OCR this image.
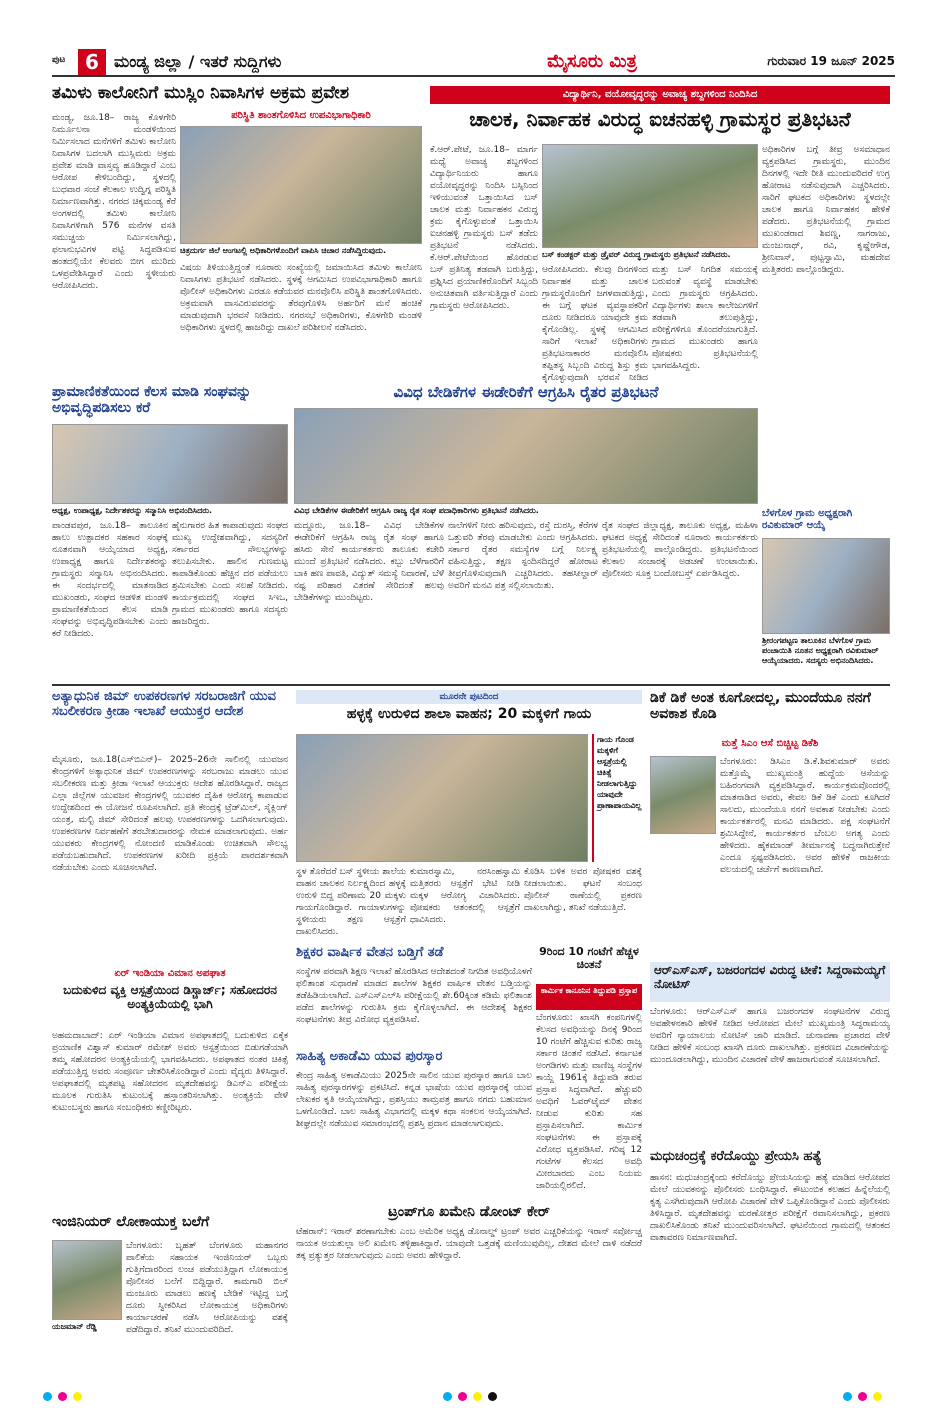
ಪುಟ 6 ಮಂಡ್ಯ ಜಿಲ್ಲಾ / ಇತರೆ ಸುದ್ದಿಗಳು	ಮೈಸೂರು ಮಿತ್ರ	ಗುರುವಾರ 19 ಜೂನ್ 2025
ತಮಿಳು ಕಾಲೋನಿಗೆ ಮುಸ್ಲಿಂ ನಿವಾಸಿಗಳ ಅಕ್ರಮ ಪ್ರವೇಶ
ಪರಿಸ್ಥಿತಿ ಶಾಂತಗೊಳಿಸಿದ ಉಪವಿಭಾಗಾಧಿಕಾರಿ
ಮಂಡ್ಯ, ಜೂ.18– ರಾಜ್ಯ ಕೊಳಗೇರಿ ನಿರ್ಮೂಲನಾ ಮಂಡಳಿಯಿಂದ ನಿರ್ಮಿಸಲಾದ ಮನೆಗಳಿಗೆ ತಮಿಳು ಕಾಲೋನಿ ನಿವಾಸಿಗಳ ಬದಲಾಗಿ ಮುಸ್ಲಿಮರು ಅಕ್ರಮ ಪ್ರವೇಶ ಮಾಡಿ ವಾಸ್ತವ್ಯ ಹೂಡಿದ್ದಾರೆ ಎಂಬ ಆರೋಪ ಕೇಳಿಬಂದಿದ್ದು, ಸ್ಥಳದಲ್ಲಿ ಬುಧವಾರ ಸಂಜೆ ಕೆಲಕಾಲ ಉದ್ವಿಗ್ನ ಪರಿಸ್ಥಿತಿ ನಿರ್ಮಾಣವಾಗಿತ್ತು. ನಗರದ ಚಿಕ್ಕಮಂಡ್ಯ ಕೆರೆ ಅಂಗಳದಲ್ಲಿ ತಮಿಳು ಕಾಲೋನಿ ನಿವಾಸಿಗಳಿಗಾಗಿ 576 ಮನೆಗಳ ವಸತಿ ಸಮುಚ್ಚಯ ನಿರ್ಮಿಸಲಾಗಿದ್ದು, ಫಲಾನುಭವಿಗಳ ಪಟ್ಟಿ ಸಿದ್ಧಪಡಿಸುವ ಹಂತದಲ್ಲಿಯೇ ಕೆಲವರು ಬೀಗ ಮುರಿದು ಒಳಪ್ರವೇಶಿಸಿದ್ದಾರೆ ಎಂದು ಸ್ಥಳೀಯರು ಆರೋಪಿಸಿದರು.
ಚಿತ್ರದುರ್ಗ ಜಿಲೆ ಆಂಗಟಲ್ಲಿ ಅಧಿಕಾರಿಗಳೊಂದಿಗೆ ವಾಪಿಸಿ ಚಿಚಾರ ನಡೆಸಿದ್ದಿರುವುದು.
ವಿಷಯ ತಿಳಿಯುತ್ತಿದ್ದಂತೆ ನೂರಾರು ಸಂಖ್ಯೆಯಲ್ಲಿ ಜಮಾಯಿಸಿದ ತಮಿಳು ಕಾಲೋನಿ ನಿವಾಸಿಗಳು ಪ್ರತಿಭಟನೆ ನಡೆಸಿದರು. ಸ್ಥಳಕ್ಕೆ ಆಗಮಿಸಿದ ಉಪವಿಭಾಗಾಧಿಕಾರಿ ಹಾಗೂ ಪೊಲೀಸ್ ಅಧಿಕಾರಿಗಳು ಎರಡೂ ಕಡೆಯವರ ಮನವೊಲಿಸಿ ಪರಿಸ್ಥಿತಿ ಶಾಂತಗೊಳಿಸಿದರು. ಅಕ್ರಮವಾಗಿ ವಾಸವಿರುವವರನ್ನು ತೆರವುಗೊಳಿಸಿ ಅರ್ಹರಿಗೆ ಮನೆ ಹಂಚಿಕೆ ಮಾಡುವುದಾಗಿ ಭರವಸೆ ನೀಡಿದರು. ನಗರಸಭೆ ಅಧಿಕಾರಿಗಳು, ಕೊಳಗೇರಿ ಮಂಡಳಿ ಅಧಿಕಾರಿಗಳು ಸ್ಥಳದಲ್ಲಿ ಹಾಜರಿದ್ದು ದಾಖಲೆ ಪರಿಶೀಲನೆ ನಡೆಸಿದರು.
ವಿದ್ಯಾರ್ಥಿನಿ, ವಯೋವೃದ್ಧರನ್ನು ಅವಾಚ್ಯ ಶಬ್ದಗಳಿಂದ ನಿಂದಿಸಿದ
ಚಾಲಕ, ನಿರ್ವಾಹಕ ವಿರುದ್ಧ ಐಚನಹಳ್ಳಿ ಗ್ರಾಮಸ್ಥರ ಪ್ರತಿಭಟನೆ
ಕೆ.ಆರ್.ಪೇಟೆ, ಜೂ.18– ಮಾರ್ಗ ಮಧ್ಯೆ ಅವಾಚ್ಯ ಶಬ್ದಗಳಿಂದ ವಿದ್ಯಾರ್ಥಿನಿಯರು ಹಾಗೂ ವಯೋವೃದ್ಧರನ್ನು ನಿಂದಿಸಿ ಬಸ್ಸಿನಿಂದ ಇಳಿಯುವಂತೆ ಒತ್ತಾಯಿಸಿದ ಬಸ್ ಚಾಲಕ ಮತ್ತು ನಿರ್ವಾಹಕನ ವಿರುದ್ಧ ಕ್ರಮ ಕೈಗೊಳ್ಳುವಂತೆ ಒತ್ತಾಯಿಸಿ ಐಚನಹಳ್ಳಿ ಗ್ರಾಮಸ್ಥರು ಬಸ್ ತಡೆದು ಪ್ರತಿಭಟನೆ ನಡೆಸಿದರು. ಕೆ.ಆರ್.ಪೇಟೆಯಿಂದ ಹೊರಡುವ ಬಸ್ ಪ್ರತಿನಿತ್ಯ ತಡವಾಗಿ ಬರುತ್ತಿದ್ದು, ಪ್ರಶ್ನಿಸಿದ ಪ್ರಯಾಣಿಕರೊಂದಿಗೆ ಸಿಬ್ಬಂದಿ ಅನುಚಿತವಾಗಿ ವರ್ತಿಸುತ್ತಿದ್ದಾರೆ ಎಂದು ಗ್ರಾಮಸ್ಥರು ಆರೋಪಿಸಿದರು.
ಬಸ್ ಕಂಡಕ್ಟರ್ ಮತ್ತು ಡ್ರೈವರ್ ವಿರುದ್ಧ ಗ್ರಾಮಸ್ಥರು ಪ್ರತಿಭಟನೆ ನಡೆಸಿದರು.
ಆರೋಪಿಸಿದರು. ಕೆಲವು ದಿನಗಳಿಂದ ನಿರ್ವಾಹಕ ಮತ್ತು ಚಾಲಕ ಗ್ರಾಮಸ್ಥರೊಂದಿಗೆ ಜಗಳವಾಡುತ್ತಿದ್ದು, ಈ ಬಗ್ಗೆ ಘಟಕ ವ್ಯವಸ್ಥಾಪಕರಿಗೆ ದೂರು ನೀಡಿದರೂ ಯಾವುದೇ ಕ್ರಮ ಕೈಗೊಂಡಿಲ್ಲ. ಸ್ಥಳಕ್ಕೆ ಆಗಮಿಸಿದ ಸಾರಿಗೆ ಇಲಾಖೆ ಅಧಿಕಾರಿಗಳು ಪ್ರತಿಭಟನಾಕಾರರ ಮನವೊಲಿಸಿ ತಪ್ಪಿತಸ್ಥ ಸಿಬ್ಬಂದಿ ವಿರುದ್ಧ ಶಿಸ್ತು ಕ್ರಮ ಕೈಗೊಳ್ಳುವುದಾಗಿ ಭರವಸೆ ನೀಡಿದ
ಮತ್ತು ಬಸ್ ನಿಗದಿತ ಸಮಯಕ್ಕೆ ಬರುವಂತೆ ವ್ಯವಸ್ಥೆ ಮಾಡಬೇಕು ಎಂದು ಗ್ರಾಮಸ್ಥರು ಆಗ್ರಹಿಸಿದರು. ವಿದ್ಯಾರ್ಥಿಗಳು ಶಾಲಾ ಕಾಲೇಜುಗಳಿಗೆ ತಡವಾಗಿ ತಲುಪುತ್ತಿದ್ದು, ಪರೀಕ್ಷೆಗಳಿಗೂ ತೊಂದರೆಯಾಗುತ್ತಿದೆ. ಗ್ರಾಮದ ಮುಖಂಡರು ಹಾಗೂ ಪೋಷಕರು ಪ್ರತಿಭಟನೆಯಲ್ಲಿ ಭಾಗವಹಿಸಿದ್ದರು.
ಅಧಿಕಾರಿಗಳ ಬಗ್ಗೆ ತೀವ್ರ ಅಸಮಾಧಾನ ವ್ಯಕ್ತಪಡಿಸಿದ ಗ್ರಾಮಸ್ಥರು, ಮುಂದಿನ ದಿನಗಳಲ್ಲಿ ಇದೇ ರೀತಿ ಮುಂದುವರಿದರೆ ಉಗ್ರ ಹೋರಾಟ ನಡೆಸುವುದಾಗಿ ಎಚ್ಚರಿಸಿದರು. ಸಾರಿಗೆ ಘಟಕದ ಅಧಿಕಾರಿಗಳು ಸ್ಥಳದಲ್ಲೇ ಚಾಲಕ ಹಾಗೂ ನಿರ್ವಾಹಕನ ಹೇಳಿಕೆ ಪಡೆದರು. ಪ್ರತಿಭಟನೆಯಲ್ಲಿ ಗ್ರಾಮದ ಮುಖಂಡರಾದ ಶಿವಣ್ಣ, ನಾಗರಾಜು, ಮಂಜುನಾಥ್, ರವಿ, ಕೃಷ್ಣೇಗೌಡ, ಶ್ರೀನಿವಾಸ್, ಪುಟ್ಟಸ್ವಾಮಿ, ಮಹದೇವ ಮತ್ತಿತರರು ಪಾಲ್ಗೊಂಡಿದ್ದರು.
ಪ್ರಾಮಾಣಿಕತೆಯಿಂದ ಕೆಲಸ ಮಾಡಿ ಸಂಘವನ್ನು ಅಭಿವೃದ್ಧಿಪಡಿಸಲು ಕರೆ
ಅಧ್ಯಕ್ಷ, ಉಪಾಧ್ಯಕ್ಷ, ನಿರ್ದೇಶಕರನ್ನು ಸನ್ಮಾನಿಸಿ ಅಭಿನಂದಿಸಿದರು.
ಪಾಂಡವಪುರ, ಜೂ.18– ತಾಲೂಕಿನ ಹಾಲು ಉತ್ಪಾದಕರ ಸಹಕಾರ ಸಂಘಕ್ಕೆ ನೂತನವಾಗಿ ಆಯ್ಕೆಯಾದ ಅಧ್ಯಕ್ಷ, ಉಪಾಧ್ಯಕ್ಷ ಹಾಗೂ ನಿರ್ದೇಶಕರನ್ನು ಗ್ರಾಮಸ್ಥರು ಸನ್ಮಾನಿಸಿ ಅಭಿನಂದಿಸಿದರು. ಈ ಸಂದರ್ಭದಲ್ಲಿ ಮಾತನಾಡಿದ ಮುಖಂಡರು, ಸಂಘದ ಆಡಳಿತ ಮಂಡಳಿ ಪ್ರಾಮಾಣಿಕತೆಯಿಂದ ಕೆಲಸ ಮಾಡಿ ಸಂಘವನ್ನು ಅಭಿವೃದ್ಧಿಪಡಿಸಬೇಕು ಎಂದು ಕರೆ ನೀಡಿದರು.
ಹೈನುಗಾರರ ಹಿತ ಕಾಪಾಡುವುದು ಸಂಘದ ಮುಖ್ಯ ಉದ್ದೇಶವಾಗಿದ್ದು, ಸದಸ್ಯರಿಗೆ ಸರ್ಕಾರದ ಸೌಲಭ್ಯಗಳನ್ನು ತಲುಪಿಸಬೇಕು. ಹಾಲಿನ ಗುಣಮಟ್ಟ ಕಾಪಾಡಿಕೊಂಡು ಹೆಚ್ಚಿನ ದರ ಪಡೆಯಲು ಶ್ರಮಿಸಬೇಕು ಎಂದು ಸಲಹೆ ನೀಡಿದರು. ಕಾರ್ಯಕ್ರಮದಲ್ಲಿ ಸಂಘದ ಸಿಇಒ, ಗ್ರಾಮದ ಮುಖಂಡರು ಹಾಗೂ ಸದಸ್ಯರು ಹಾಜರಿದ್ದರು.
ವಿವಿಧ ಬೇಡಿಕೆಗಳ ಈಡೇರಿಕೆಗೆ ಆಗ್ರಹಿಸಿ ರೈತರ ಪ್ರತಿಭಟನೆ
ವಿವಿಧ ಬೇಡಿಕೆಗಳ ಈಡೇರಿಕೆಗೆ ಆಗ್ರಹಿಸಿ ರಾಜ್ಯ ರೈತ ಸಂಘ ಪದಾಧಿಕಾರಿಗಳು ಪ್ರತಿಭಟನೆ ನಡೆಸಿದರು.
ಮದ್ದೂರು, ಜೂ.18– ವಿವಿಧ ಬೇಡಿಕೆಗಳ ಈಡೇರಿಕೆಗೆ ಆಗ್ರಹಿಸಿ ರಾಜ್ಯ ರೈತ ಸಂಘ ಹಾಗೂ ಹಸಿರು ಸೇನೆ ಕಾರ್ಯಕರ್ತರು ತಾಲೂಕು ಕಚೇರಿ ಮುಂದೆ ಪ್ರತಿಭಟನೆ ನಡೆಸಿದರು. ಕಬ್ಬು ಬೆಳೆಗಾರರಿಗೆ ಬಾಕಿ ಹಣ ಪಾವತಿ, ವಿದ್ಯುತ್ ಸಮಸ್ಯೆ ನಿವಾರಣೆ, ಬೆಳೆ ನಷ್ಟ ಪರಿಹಾರ ವಿತರಣೆ ಸೇರಿದಂತೆ ಹಲವು ಬೇಡಿಕೆಗಳನ್ನು ಮುಂದಿಟ್ಟರು.
ನಾಲೆಗಳಿಗೆ ನೀರು ಹರಿಸುವುದು, ರಸ್ತೆ ದುರಸ್ತಿ, ಕೆರೆಗಳ ಒತ್ತುವರಿ ತೆರವು ಮಾಡಬೇಕು ಎಂದು ಆಗ್ರಹಿಸಿದರು. ಸರ್ಕಾರ ರೈತರ ಸಮಸ್ಯೆಗಳ ಬಗ್ಗೆ ನಿರ್ಲಕ್ಷ್ಯ ವಹಿಸುತ್ತಿದ್ದು, ತಕ್ಷಣ ಸ್ಪಂದಿಸದಿದ್ದರೆ ಹೋರಾಟ ತೀವ್ರಗೊಳಿಸುವುದಾಗಿ ಎಚ್ಚರಿಸಿದರು. ತಹಸೀಲ್ದಾರ್ ಅವರಿಗೆ ಮನವಿ ಪತ್ರ ಸಲ್ಲಿಸಲಾಯಿತು.
ರೈತ ಸಂಘದ ಜಿಲ್ಲಾಧ್ಯಕ್ಷ, ತಾಲೂಕು ಅಧ್ಯಕ್ಷ, ಮಹಿಳಾ ಘಟಕದ ಅಧ್ಯಕ್ಷೆ ಸೇರಿದಂತೆ ನೂರಾರು ಕಾರ್ಯಕರ್ತರು ಪ್ರತಿಭಟನೆಯಲ್ಲಿ ಪಾಲ್ಗೊಂಡಿದ್ದರು. ಪ್ರತಿಭಟನೆಯಿಂದ ಕೆಲಕಾಲ ಸಂಚಾರಕ್ಕೆ ಅಡಚಣೆ ಉಂಟಾಯಿತು. ಪೊಲೀಸರು ಸೂಕ್ತ ಬಂದೋಬಸ್ತ್ ಏರ್ಪಡಿಸಿದ್ದರು.
ಬೆಳಗೊಳ ಗ್ರಾಮ ಅಧ್ಯಕ್ಷರಾಗಿ ರವಿಕುಮಾರ್ ಆಯ್ಕೆ
ಶ್ರೀರಂಗಪಟ್ಟಣ ತಾಲೂಕಿನ ಬೆಳಗೊಳ ಗ್ರಾಮ ಪಂಚಾಯಿತಿ ನೂತನ ಅಧ್ಯಕ್ಷರಾಗಿ ರವಿಕುಮಾರ್ ಆಯ್ಕೆಯಾದರು. ಸದಸ್ಯರು ಅಭಿನಂದಿಸಿದರು.
ಅತ್ಯಾಧುನಿಕ ಜಿಮ್ ಉಪಕರಣಗಳ ಸರಬರಾಜಿಗೆ ಯುವ ಸಬಲೀಕರಣ ಕ್ರೀಡಾ ಇಲಾಖೆ ಆಯುಕ್ತರ ಆದೇಶ
ಮೈಸೂರು, ಜೂ.18(ಎಸ್‌ಬಿಎನ್)– 2025–26ನೇ ಸಾಲಿನಲ್ಲಿ ಯುವಜನ ಕೇಂದ್ರಗಳಿಗೆ ಅತ್ಯಾಧುನಿಕ ಜಿಮ್ ಉಪಕರಣಗಳನ್ನು ಸರಬರಾಜು ಮಾಡಲು ಯುವ ಸಬಲೀಕರಣ ಮತ್ತು ಕ್ರೀಡಾ ಇಲಾಖೆ ಆಯುಕ್ತರು ಆದೇಶ ಹೊರಡಿಸಿದ್ದಾರೆ. ರಾಜ್ಯದ ಎಲ್ಲಾ ಜಿಲ್ಲೆಗಳ ಯುವಜನ ಕೇಂದ್ರಗಳಲ್ಲಿ ಯುವಕರ ದೈಹಿಕ ಆರೋಗ್ಯ ಕಾಪಾಡುವ ಉದ್ದೇಶದಿಂದ ಈ ಯೋಜನೆ ರೂಪಿಸಲಾಗಿದೆ. ಪ್ರತಿ ಕೇಂದ್ರಕ್ಕೆ ಟ್ರೆಡ್‌ಮಿಲ್, ಸೈಕ್ಲಿಂಗ್ ಯಂತ್ರ, ಮಲ್ಟಿ ಜಿಮ್ ಸೇರಿದಂತೆ ಹಲವು ಉಪಕರಣಗಳನ್ನು ಒದಗಿಸಲಾಗುವುದು. ಉಪಕರಣಗಳ ನಿರ್ವಹಣೆಗೆ ತರಬೇತುದಾರರನ್ನು ನೇಮಕ ಮಾಡಲಾಗುವುದು. ಅರ್ಹ ಯುವಕರು ಕೇಂದ್ರಗಳಲ್ಲಿ ನೋಂದಣಿ ಮಾಡಿಕೊಂಡು ಉಚಿತವಾಗಿ ಸೌಲಭ್ಯ ಪಡೆಯಬಹುದಾಗಿದೆ. ಉಪಕರಣಗಳ ಖರೀದಿ ಪ್ರಕ್ರಿಯೆ ಪಾರದರ್ಶಕವಾಗಿ ನಡೆಯಬೇಕು ಎಂದು ಸೂಚಿಸಲಾಗಿದೆ.
ಏರ್ ಇಂಡಿಯಾ ವಿಮಾನ ಅಪಘಾತ
ಬದುಕುಳಿದ ವ್ಯಕ್ತಿ ಆಸ್ಪತ್ರೆಯಿಂದ ಡಿಸ್ಚಾರ್ಜ್; ಸಹೋದರನ ಅಂತ್ಯಕ್ರಿಯೆಯಲ್ಲಿ ಭಾಗಿ
ಅಹಮದಾಬಾದ್: ಏರ್ ಇಂಡಿಯಾ ವಿಮಾನ ಅಪಘಾತದಲ್ಲಿ ಬದುಕುಳಿದ ಏಕೈಕ ಪ್ರಯಾಣಿಕ ವಿಶ್ವಾಸ್ ಕುಮಾರ್ ರಮೇಶ್ ಅವರು ಆಸ್ಪತ್ರೆಯಿಂದ ಬಿಡುಗಡೆಯಾಗಿ ತಮ್ಮ ಸಹೋದರನ ಅಂತ್ಯಕ್ರಿಯೆಯಲ್ಲಿ ಭಾಗವಹಿಸಿದರು. ಅಪಘಾತದ ನಂತರ ಚಿಕಿತ್ಸೆ ಪಡೆಯುತ್ತಿದ್ದ ಅವರು ಸಂಪೂರ್ಣ ಚೇತರಿಸಿಕೊಂಡಿದ್ದಾರೆ ಎಂದು ವೈದ್ಯರು ತಿಳಿಸಿದ್ದಾರೆ. ಅಪಘಾತದಲ್ಲಿ ಮೃತಪಟ್ಟ ಸಹೋದರನ ಮೃತದೇಹವನ್ನು ಡಿಎನ್‌ಎ ಪರೀಕ್ಷೆಯ ಮೂಲಕ ಗುರುತಿಸಿ ಕುಟುಂಬಕ್ಕೆ ಹಸ್ತಾಂತರಿಸಲಾಗಿತ್ತು. ಅಂತ್ಯಕ್ರಿಯೆ ವೇಳೆ ಕುಟುಂಬಸ್ಥರು ಹಾಗೂ ಸಂಬಂಧಿಕರು ಕಣ್ಣೀರಿಟ್ಟರು.
ಇಂಜಿನಿಯರ್ ಲೋಕಾಯುಕ್ತ ಬಲೆಗೆ
ಯಜಮಾನ್ ರೆಡ್ಡಿ
ಬೆಂಗಳೂರು: ಬೃಹತ್ ಬೆಂಗಳೂರು ಮಹಾನಗರ ಪಾಲಿಕೆಯ ಸಹಾಯಕ ಇಂಜಿನಿಯರ್ ಒಬ್ಬರು ಗುತ್ತಿಗೆದಾರರಿಂದ ಲಂಚ ಪಡೆಯುತ್ತಿದ್ದಾಗ ಲೋಕಾಯುಕ್ತ ಪೊಲೀಸರ ಬಲೆಗೆ ಬಿದ್ದಿದ್ದಾರೆ. ಕಾಮಗಾರಿ ಬಿಲ್ ಮಂಜೂರು ಮಾಡಲು ಹಣಕ್ಕೆ ಬೇಡಿಕೆ ಇಟ್ಟಿದ್ದ ಬಗ್ಗೆ ದೂರು ಸ್ವೀಕರಿಸಿದ ಲೋಕಾಯುಕ್ತ ಅಧಿಕಾರಿಗಳು ಕಾರ್ಯಾಚರಣೆ ನಡೆಸಿ ಆರೋಪಿಯನ್ನು ವಶಕ್ಕೆ ಪಡೆದಿದ್ದಾರೆ. ತನಿಖೆ ಮುಂದುವರಿದಿದೆ.
ಮೂರನೇ ಪುಟದಿಂದ
ಹಳ್ಳಕ್ಕೆ ಉರುಳಿದ ಶಾಲಾ ವಾಹನ; 20 ಮಕ್ಕಳಿಗೆ ಗಾಯ
ಗಾಯ ಗೊಂಡ ಮಕ್ಕಳಿಗೆ ಆಸ್ಪತ್ರೆಯಲ್ಲಿ ಚಿಕಿತ್ಸೆ ನೀಡಲಾಗುತ್ತಿದ್ದು ಯಾವುದೇ ಪ್ರಾಣಾಪಾಯವಿಲ್ಲ
ಸ್ಥಳ ತೊರೆದರೆ ಬಸ್ ಸ್ಥಳೀಯ ಶಾಲೆಯ ವಾಹನ ಚಾಲಕನ ನಿರ್ಲಕ್ಷ್ಯದಿಂದ ಹಳ್ಳಕ್ಕೆ ಉರುಳಿ ಬಿದ್ದ ಪರಿಣಾಮ 20 ಮಕ್ಕಳು ಗಾಯಗೊಂಡಿದ್ದಾರೆ. ಗಾಯಾಳುಗಳನ್ನು ಸ್ಥಳೀಯರು ತಕ್ಷಣ ಆಸ್ಪತ್ರೆಗೆ ದಾಖಲಿಸಿದರು.
ಕುಮಾರಸ್ವಾಮಿ, ನರಸಿಂಹಸ್ವಾಮಿ ಮತ್ತಿತರರು ಆಸ್ಪತ್ರೆಗೆ ಭೇಟಿ ನೀಡಿ ಮಕ್ಕಳ ಆರೋಗ್ಯ ವಿಚಾರಿಸಿದರು. ಪೋಷಕರು ಆತಂಕದಲ್ಲಿ ಆಸ್ಪತ್ರೆಗೆ ಧಾವಿಸಿದರು.
ಕೊಡಿಸಿ ಬಳಿಕ ಅವರ ಪೋಷಕರ ವಶಕ್ಕೆ ನೀಡಲಾಯಿತು. ಘಟನೆ ಸಂಬಂಧ ಪೊಲೀಸ್ ಠಾಣೆಯಲ್ಲಿ ಪ್ರಕರಣ ದಾಖಲಾಗಿದ್ದು, ತನಿಖೆ ನಡೆಯುತ್ತಿದೆ.
ಶಿಕ್ಷಕರ ವಾರ್ಷಿಕ ವೇತನ ಬಡ್ತಿಗೆ ತಡೆ
ಸಂಸ್ಥೆಗಳ ಪರವಾಗಿ ಶಿಕ್ಷಣ ಇಲಾಖೆ ಹೊರಡಿಸಿದ ಆದೇಶದಂತೆ ನಿಗದಿತ ಅವಧಿಯೊಳಗೆ ಫಲಿತಾಂಶ ಸುಧಾರಣೆ ಮಾಡದ ಶಾಲೆಗಳ ಶಿಕ್ಷಕರ ವಾರ್ಷಿಕ ವೇತನ ಬಡ್ತಿಯನ್ನು ತಡೆಹಿಡಿಯಲಾಗಿದೆ. ಎಸ್‌ಎಸ್‌ಎಲ್‌ಸಿ ಪರೀಕ್ಷೆಯಲ್ಲಿ ಶೇ.60ಕ್ಕಿಂತ ಕಡಿಮೆ ಫಲಿತಾಂಶ ಪಡೆದ ಶಾಲೆಗಳನ್ನು ಗುರುತಿಸಿ ಕ್ರಮ ಕೈಗೊಳ್ಳಲಾಗಿದೆ. ಈ ಆದೇಶಕ್ಕೆ ಶಿಕ್ಷಕರ ಸಂಘಟನೆಗಳು ತೀವ್ರ ವಿರೋಧ ವ್ಯಕ್ತಪಡಿಸಿವೆ.
ಸಾಹಿತ್ಯ ಅಕಾಡೆಮಿ ಯುವ ಪುರಸ್ಕಾರ
ಕೇಂದ್ರ ಸಾಹಿತ್ಯ ಅಕಾಡೆಮಿಯು 2025ನೇ ಸಾಲಿನ ಯುವ ಪುರಸ್ಕಾರ ಹಾಗೂ ಬಾಲ ಸಾಹಿತ್ಯ ಪುರಸ್ಕಾರಗಳನ್ನು ಪ್ರಕಟಿಸಿದೆ. ಕನ್ನಡ ಭಾಷೆಯ ಯುವ ಪುರಸ್ಕಾರಕ್ಕೆ ಯುವ ಲೇಖಕರ ಕೃತಿ ಆಯ್ಕೆಯಾಗಿದ್ದು, ಪ್ರಶಸ್ತಿಯು ತಾಮ್ರಪತ್ರ ಹಾಗೂ ನಗದು ಬಹುಮಾನ ಒಳಗೊಂಡಿದೆ. ಬಾಲ ಸಾಹಿತ್ಯ ವಿಭಾಗದಲ್ಲಿ ಮಕ್ಕಳ ಕಥಾ ಸಂಕಲನ ಆಯ್ಕೆಯಾಗಿದೆ. ಶೀಘ್ರದಲ್ಲೇ ನಡೆಯುವ ಸಮಾರಂಭದಲ್ಲಿ ಪ್ರಶಸ್ತಿ ಪ್ರದಾನ ಮಾಡಲಾಗುವುದು.
ಟ್ರಂಪ್‌ಗೂ ಖಮೇನಿ ಡೋಂಟ್ ಕೇರ್
ಟೆಹರಾನ್: ಇರಾನ್ ಶರಣಾಗಬೇಕು ಎಂಬ ಅಮೆರಿಕ ಅಧ್ಯಕ್ಷ ಡೊನಾಲ್ಡ್ ಟ್ರಂಪ್ ಅವರ ಎಚ್ಚರಿಕೆಯನ್ನು ಇರಾನ್ ಸರ್ವೋಚ್ಚ ನಾಯಕ ಅಯತುಲ್ಲಾ ಅಲಿ ಖಮೇನಿ ತಳ್ಳಿಹಾಕಿದ್ದಾರೆ. ಯಾವುದೇ ಒತ್ತಡಕ್ಕೆ ಮಣಿಯುವುದಿಲ್ಲ, ದೇಶದ ಮೇಲೆ ದಾಳಿ ನಡೆದರೆ ತಕ್ಕ ಪ್ರತ್ಯುತ್ತರ ನೀಡಲಾಗುವುದು ಎಂದು ಅವರು ಹೇಳಿದ್ದಾರೆ.
9ರಿಂದ 10 ಗಂಟೆಗೆ ಹೆಚ್ಚಳ ಚಿಂತನೆ
ಕಾರ್ಮಿಕ ಕಾನೂನಿನ ತಿದ್ದುಪಡಿ ಪ್ರಸ್ತಾಪ
ಬೆಂಗಳೂರು: ಖಾಸಗಿ ಕಂಪನಿಗಳಲ್ಲಿ ಕೆಲಸದ ಅವಧಿಯನ್ನು ದಿನಕ್ಕೆ 9ರಿಂದ 10 ಗಂಟೆಗೆ ಹೆಚ್ಚಿಸುವ ಕುರಿತು ರಾಜ್ಯ ಸರ್ಕಾರ ಚಿಂತನೆ ನಡೆಸಿದೆ. ಕರ್ನಾಟಕ ಅಂಗಡಿಗಳು ಮತ್ತು ವಾಣಿಜ್ಯ ಸಂಸ್ಥೆಗಳ ಕಾಯ್ದೆ 1961ಕ್ಕೆ ತಿದ್ದುಪಡಿ ತರುವ ಪ್ರಸ್ತಾಪ ಸಿದ್ಧವಾಗಿದೆ. ಹೆಚ್ಚುವರಿ ಅವಧಿಗೆ ಓವರ್‌ಟೈಮ್ ವೇತನ ನೀಡುವ ಕುರಿತು ಸಹ ಪ್ರಸ್ತಾಪಿಸಲಾಗಿದೆ. ಕಾರ್ಮಿಕ ಸಂಘಟನೆಗಳು ಈ ಪ್ರಸ್ತಾಪಕ್ಕೆ ವಿರೋಧ ವ್ಯಕ್ತಪಡಿಸಿವೆ. ಗರಿಷ್ಠ 12 ಗಂಟೆಗಳ ಕೆಲಸದ ಅವಧಿ ಮೀರಬಾರದು ಎಂಬ ನಿಯಮ ಜಾರಿಯಲ್ಲಿರಲಿದೆ.
ಡಿಕೆ ಡಿಕೆ ಅಂತ ಕೂಗೋದಲ್ಲ, ಮುಂದೆಯೂ ನನಗೆ ಅವಕಾಶ ಕೊಡಿ
ಮತ್ತೆ ಸಿಎಂ ಆಸೆ ಬಿಚ್ಚಿಟ್ಟ ಡಿಕೆಶಿ
ಬೆಂಗಳೂರು: ಡಿಸಿಎಂ ಡಿ.ಕೆ.ಶಿವಕುಮಾರ್ ಅವರು ಮತ್ತೊಮ್ಮೆ ಮುಖ್ಯಮಂತ್ರಿ ಹುದ್ದೆಯ ಆಸೆಯನ್ನು ಬಹಿರಂಗವಾಗಿ ವ್ಯಕ್ತಪಡಿಸಿದ್ದಾರೆ. ಕಾರ್ಯಕ್ರಮವೊಂದರಲ್ಲಿ ಮಾತನಾಡಿದ ಅವರು, ಕೇವಲ ಡಿಕೆ ಡಿಕೆ ಎಂದು ಕೂಗಿದರೆ ಸಾಲದು, ಮುಂದೆಯೂ ನನಗೆ ಅವಕಾಶ ನೀಡಬೇಕು ಎಂದು ಕಾರ್ಯಕರ್ತರಲ್ಲಿ ಮನವಿ ಮಾಡಿದರು. ಪಕ್ಷ ಸಂಘಟನೆಗೆ ಶ್ರಮಿಸಿದ್ದೇನೆ, ಕಾರ್ಯಕರ್ತರ ಬೆಂಬಲ ಅಗತ್ಯ ಎಂದು ಹೇಳಿದರು. ಹೈಕಮಾಂಡ್ ತೀರ್ಮಾನಕ್ಕೆ ಬದ್ಧನಾಗಿರುತ್ತೇನೆ ಎಂದೂ ಸ್ಪಷ್ಟಪಡಿಸಿದರು. ಅವರ ಹೇಳಿಕೆ ರಾಜಕೀಯ ವಲಯದಲ್ಲಿ ಚರ್ಚೆಗೆ ಕಾರಣವಾಗಿದೆ.
ಆರ್‌ಎಸ್‌ಎಸ್, ಬಜರಂಗದಳ ವಿರುದ್ಧ ಟೀಕೆ: ಸಿದ್ದರಾಮಯ್ಯಗೆ ನೋಟಿಸ್
ಬೆಂಗಳೂರು: ಆರ್‌ಎಸ್‌ಎಸ್ ಹಾಗೂ ಬಜರಂಗದಳ ಸಂಘಟನೆಗಳ ವಿರುದ್ಧ ಅವಹೇಳನಕಾರಿ ಹೇಳಿಕೆ ನೀಡಿದ ಆರೋಪದ ಮೇಲೆ ಮುಖ್ಯಮಂತ್ರಿ ಸಿದ್ದರಾಮಯ್ಯ ಅವರಿಗೆ ನ್ಯಾಯಾಲಯ ನೋಟಿಸ್ ಜಾರಿ ಮಾಡಿದೆ. ಚುನಾವಣಾ ಪ್ರಚಾರದ ವೇಳೆ ನೀಡಿದ ಹೇಳಿಕೆ ಸಂಬಂಧ ಖಾಸಗಿ ದೂರು ದಾಖಲಾಗಿತ್ತು. ಪ್ರಕರಣದ ವಿಚಾರಣೆಯನ್ನು ಮುಂದೂಡಲಾಗಿದ್ದು, ಮುಂದಿನ ವಿಚಾರಣೆ ವೇಳೆ ಹಾಜರಾಗುವಂತೆ ಸೂಚಿಸಲಾಗಿದೆ.
ಮಧುಚಂದ್ರಕ್ಕೆ ಕರೆದೊಯ್ದು ಪ್ರೇಯಸಿ ಹತ್ಯೆ
ಹಾಸನ: ಮಧುಚಂದ್ರಕ್ಕೆಂದು ಕರೆದೊಯ್ದು ಪ್ರೇಯಸಿಯನ್ನು ಹತ್ಯೆ ಮಾಡಿದ ಆರೋಪದ ಮೇಲೆ ಯುವಕನನ್ನು ಪೊಲೀಸರು ಬಂಧಿಸಿದ್ದಾರೆ. ಕೌಟುಂಬಿಕ ಕಲಹದ ಹಿನ್ನೆಲೆಯಲ್ಲಿ ಕೃತ್ಯ ಎಸಗಿರುವುದಾಗಿ ಆರೋಪಿ ವಿಚಾರಣೆ ವೇಳೆ ಒಪ್ಪಿಕೊಂಡಿದ್ದಾನೆ ಎಂದು ಪೊಲೀಸರು ತಿಳಿಸಿದ್ದಾರೆ. ಮೃತದೇಹವನ್ನು ಮರಣೋತ್ತರ ಪರೀಕ್ಷೆಗೆ ರವಾನಿಸಲಾಗಿದ್ದು, ಪ್ರಕರಣ ದಾಖಲಿಸಿಕೊಂಡು ತನಿಖೆ ಮುಂದುವರಿಸಲಾಗಿದೆ. ಘಟನೆಯಿಂದ ಗ್ರಾಮದಲ್ಲಿ ಆತಂಕದ ವಾತಾವರಣ ನಿರ್ಮಾಣವಾಗಿದೆ.
